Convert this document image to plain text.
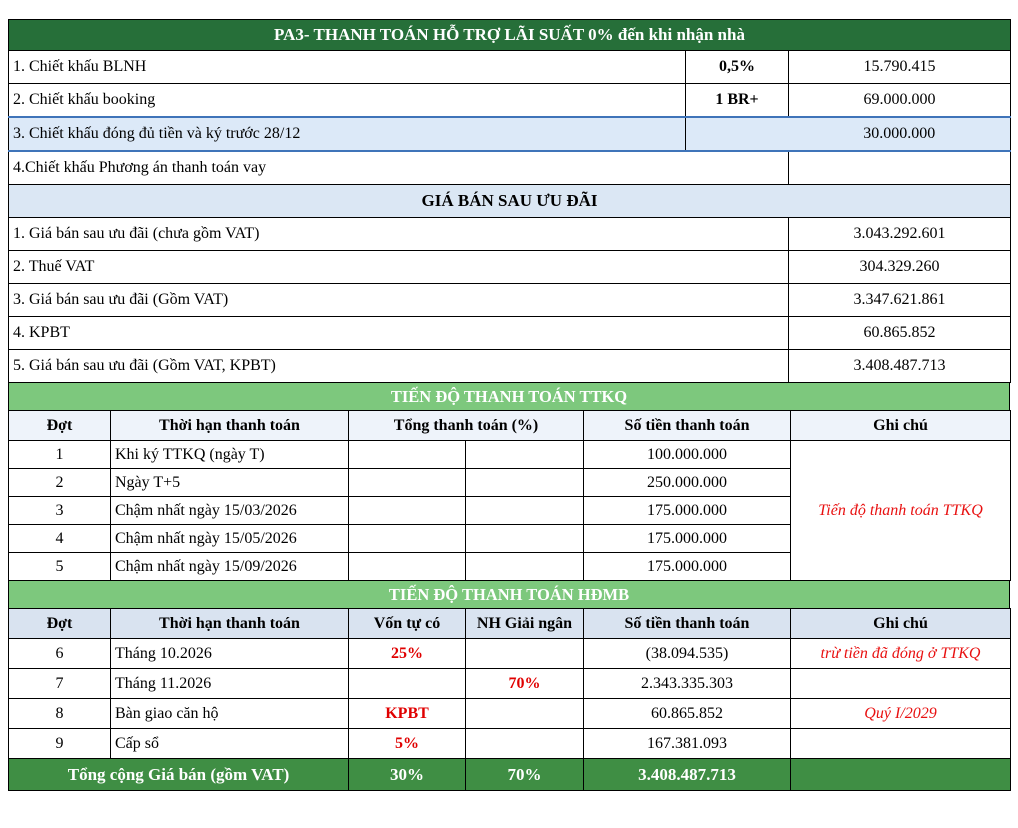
PA3- THANH TOÁN HỖ TRỢ LÃI SUẤT 0% đến khi nhận nhà		
1. Chiết khấu BLNH	0,5%	15.790.415
2. Chiết khấu booking	1 BR+	69.000.000
3. Chiết khấu đóng đủ tiền và ký trước 28/12		30.000.000
4.Chiết khấu Phương án thanh toán vay		
GIÁ BÁN SAU ƯU ĐÃI	
1. Giá bán sau ưu đãi (chưa gồm VAT)	3.043.292.601
2. Thuế VAT	304.329.260
3. Giá bán sau ưu đãi (Gồm VAT)	3.347.621.861
4. KPBT	60.865.852
5. Giá bán sau ưu đãi (Gồm VAT, KPBT)	3.408.487.713
TIẾN ĐỘ THANH TOÁN TTKQ
Đợt	Thời hạn thanh toán	Tổng thanh toán (%)		Số tiền thanh toán	Ghi chú
1	Khi ký TTKQ (ngày T)			100.000.000	Tiến độ thanh toán TTKQ
2	Ngày T+5			250.000.000	
3	Chậm nhất ngày 15/03/2026			175.000.000	
4	Chậm nhất ngày 15/05/2026			175.000.000	
5	Chậm nhất ngày 15/09/2026			175.000.000	
TIẾN ĐỘ THANH TOÁN HĐMB
Đợt	Thời hạn thanh toán	Vốn tự có	NH Giải ngân	Số tiền thanh toán	Ghi chú
6	Tháng 10.2026	25%		(38.094.535)	trừ tiền đã đóng ở TTKQ
7	Tháng 11.2026		70%	2.343.335.303	
8	Bàn giao căn hộ	KPBT		60.865.852	Quý I/2029
9	Cấp sổ	5%		167.381.093	
Tổng cộng Giá bán (gồm VAT)		30%	70%	3.408.487.713	
